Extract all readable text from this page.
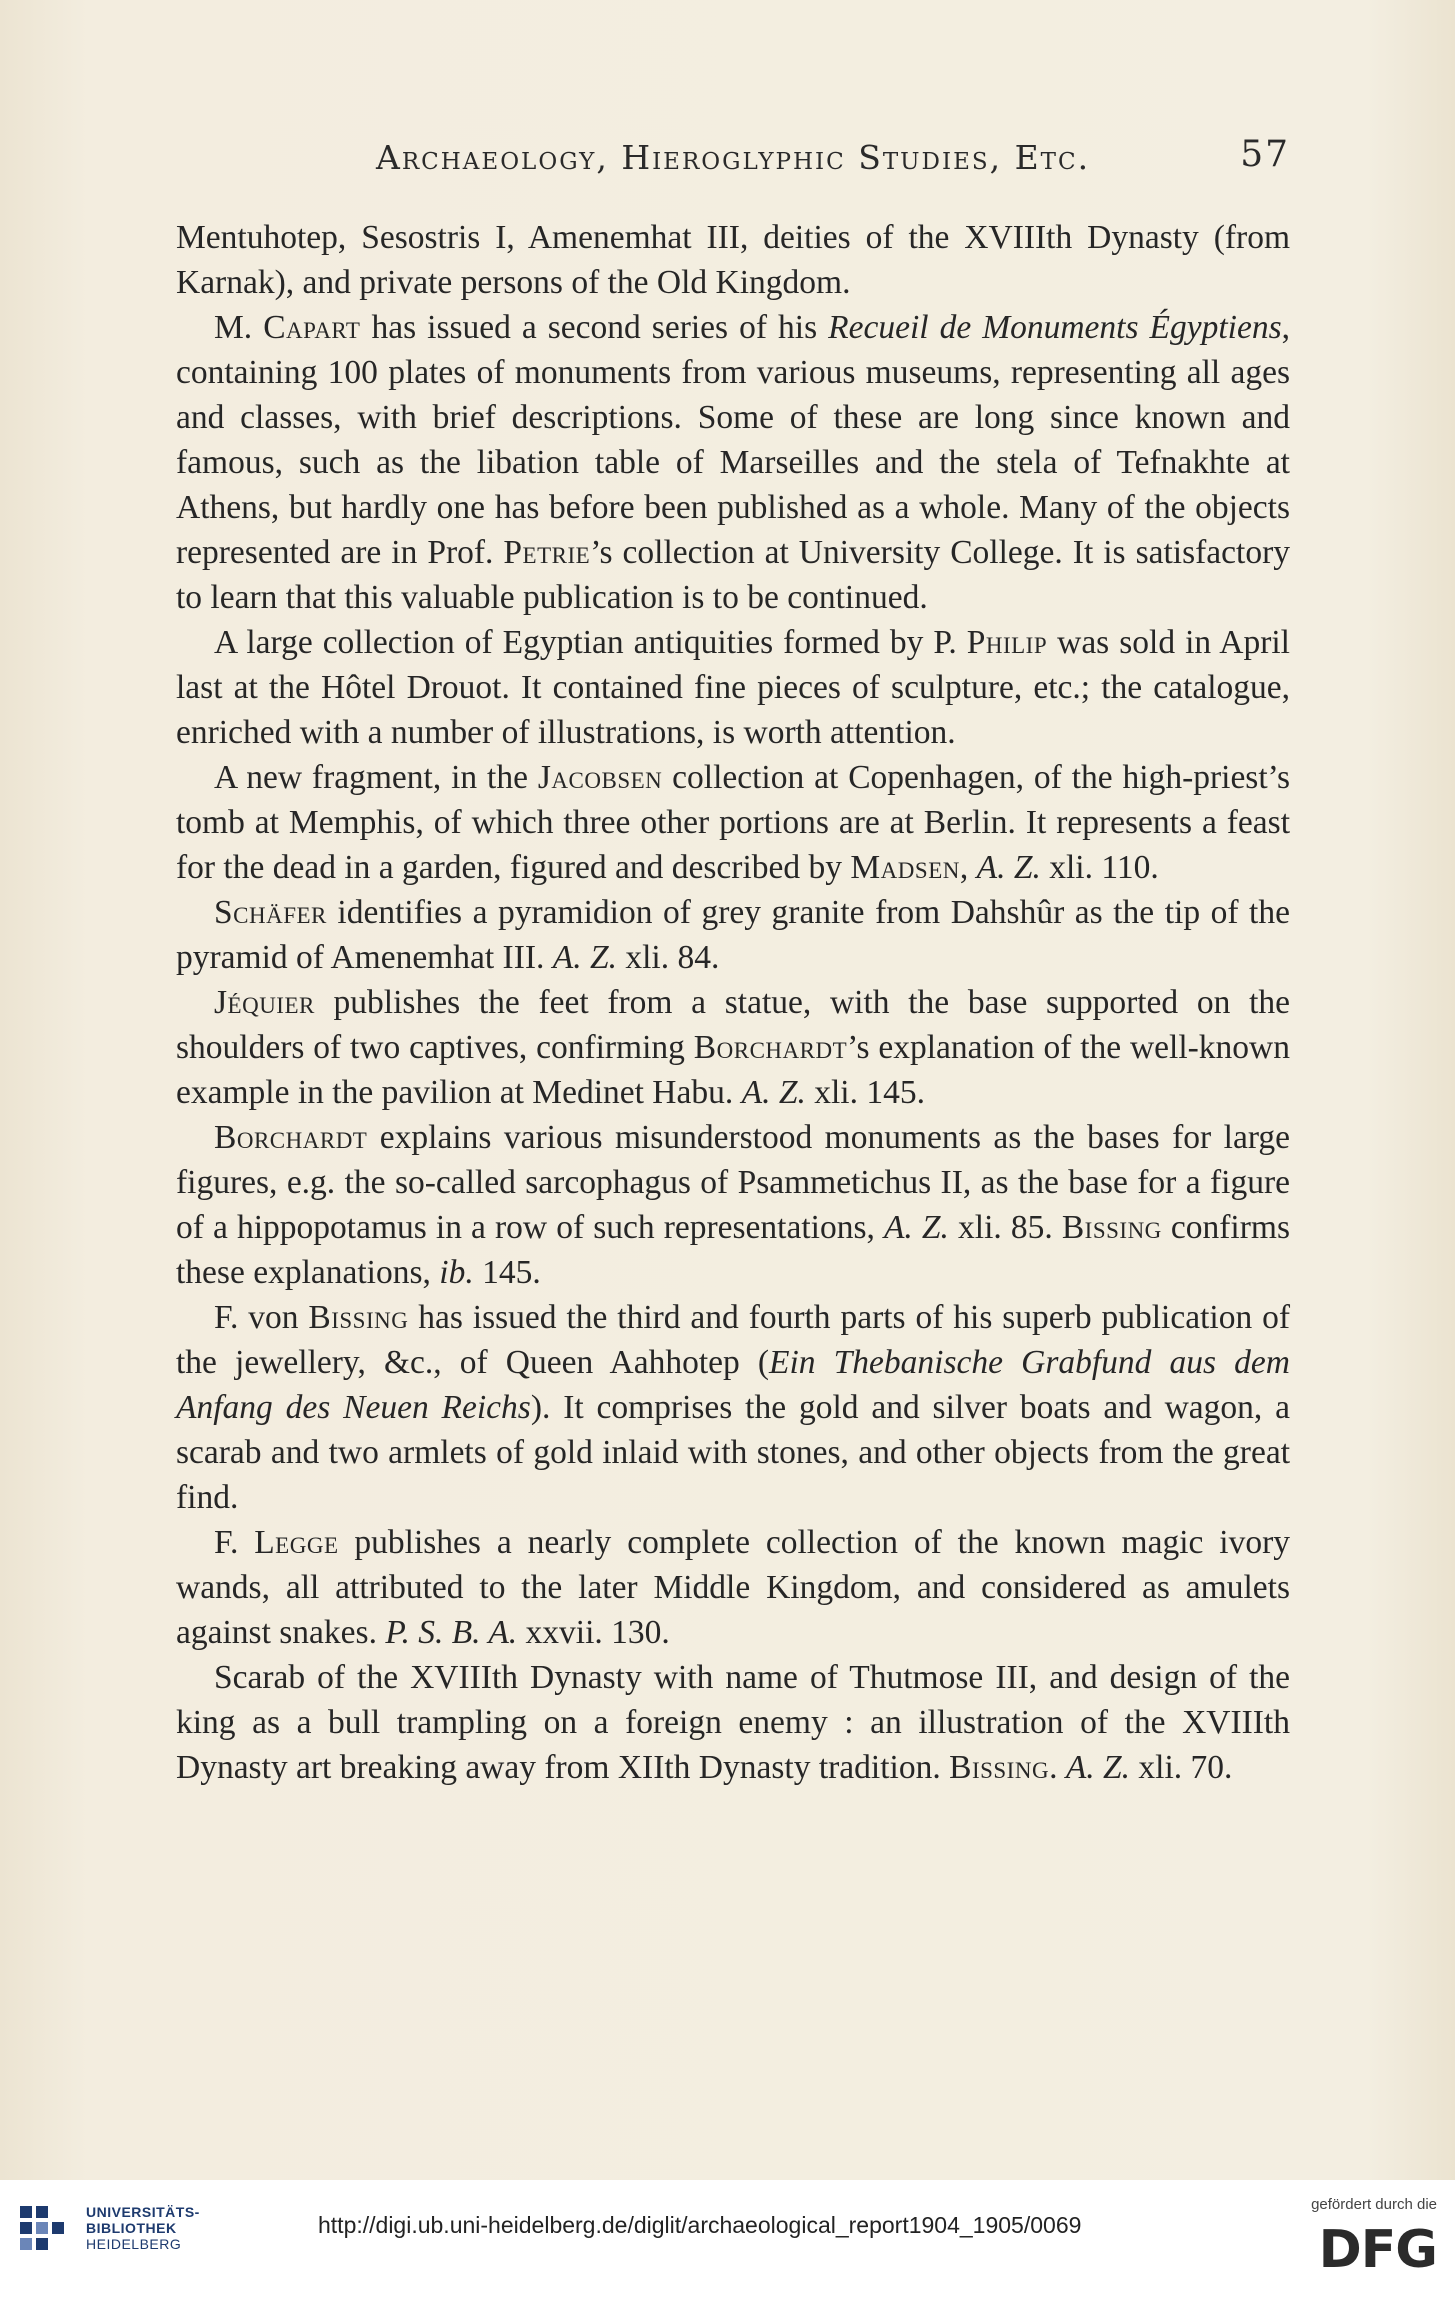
Archaeology, Hieroglyphic Studies, Etc.	57

Mentuhotep, Sesostris I, Amenemhat III, deities of the XVIIIth Dynasty (from Karnak), and private persons of the Old Kingdom.

M. Capart has issued a second series of his Recueil de Monuments Égyptiens, containing 100 plates of monuments from various museums, representing all ages and classes, with brief descriptions. Some of these are long since known and famous, such as the libation table of Marseilles and the stela of Tefnakhte at Athens, but hardly one has before been published as a whole. Many of the objects represented are in Prof. Petrie’s collection at University College. It is satisfactory to learn that this valuable publication is to be continued.

A large collection of Egyptian antiquities formed by P. Philip was sold in April last at the Hôtel Drouot. It contained fine pieces of sculpture, etc.; the catalogue, enriched with a number of illustrations, is worth attention.

A new fragment, in the Jacobsen collection at Copenhagen, of the high-priest’s tomb at Memphis, of which three other portions are at Berlin. It represents a feast for the dead in a garden, figured and described by Madsen, A. Z. xli. 110.

Schäfer identifies a pyramidion of grey granite from Dahshûr as the tip of the pyramid of Amenemhat III. A. Z. xli. 84.

Jéquier publishes the feet from a statue, with the base supported on the shoulders of two captives, confirming Borchardt’s explanation of the well-known example in the pavilion at Medinet Habu. A. Z. xli. 145.

Borchardt explains various misunderstood monuments as the bases for large figures, e.g. the so-called sarcophagus of Psammetichus II, as the base for a figure of a hippopotamus in a row of such representations, A. Z. xli. 85. Bissing confirms these explanations, ib. 145.

F. von Bissing has issued the third and fourth parts of his superb publication of the jewellery, &c., of Queen Aahhotep (Ein Thebanische Grabfund aus dem Anfang des Neuen Reichs). It comprises the gold and silver boats and wagon, a scarab and two armlets of gold inlaid with stones, and other objects from the great find.

F. Legge publishes a nearly complete collection of the known magic ivory wands, all attributed to the later Middle Kingdom, and considered as amulets against snakes. P. S. B. A. xxvii. 130.

Scarab of the XVIIIth Dynasty with name of Thutmose III, and design of the king as a bull trampling on a foreign enemy : an illustration of the XVIIIth Dynasty art breaking away from XIIth Dynasty tradition. Bissing. A. Z. xli. 70.

UNIVERSITÄTS-
BIBLIOTHEK
HEIDELBERG
http://digi.ub.uni-heidelberg.de/diglit/archaeological_report1904_1905/0069
gefördert durch die
DFG
